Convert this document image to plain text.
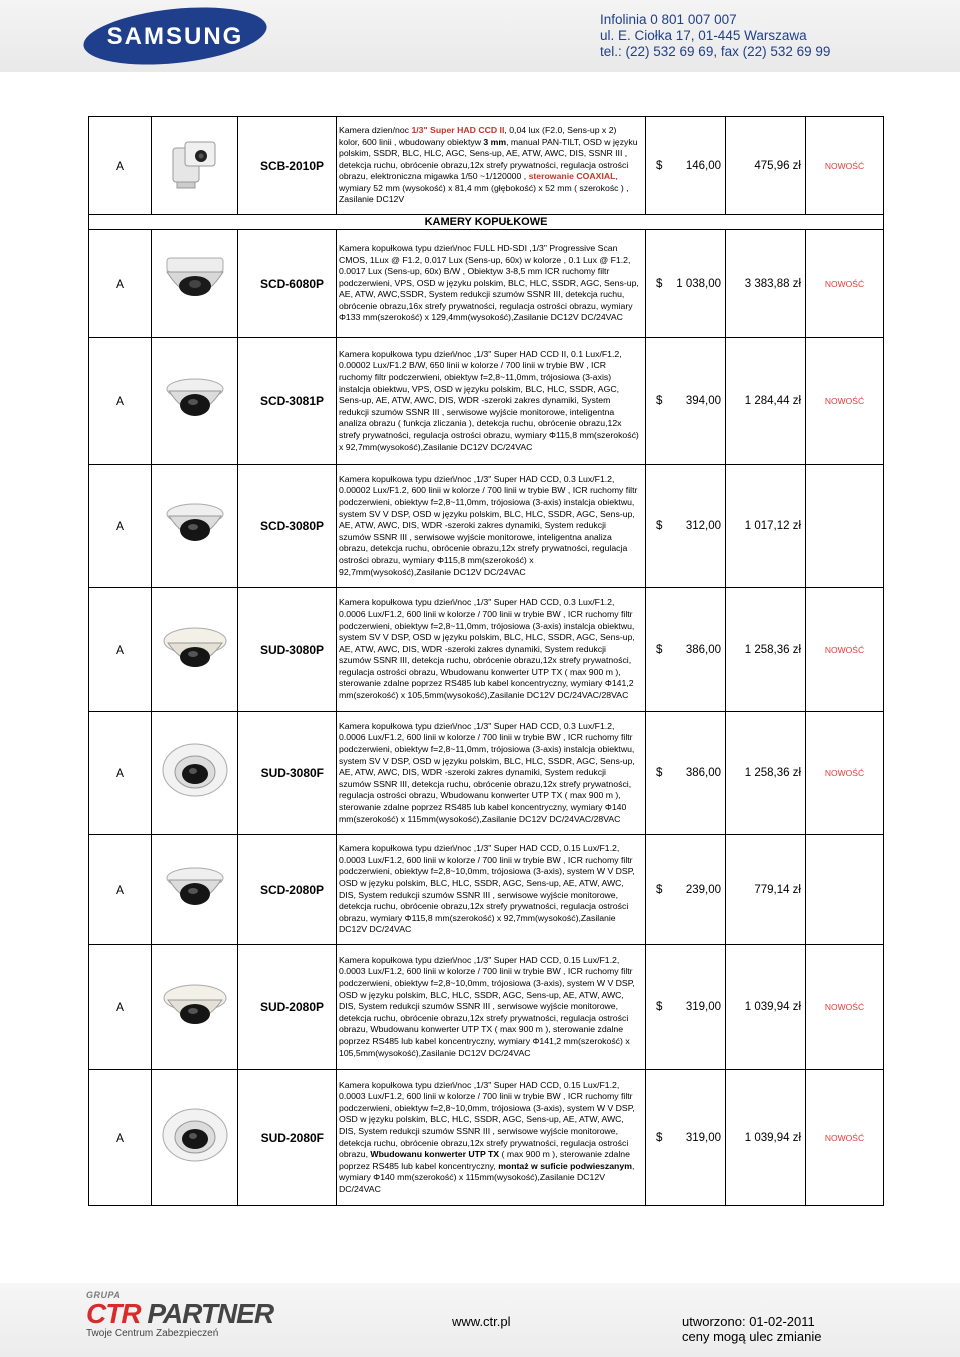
SAMSUNG
Infolinia 0 801 007 007
ul. E. Ciołka 17, 01-445 Warszawa
tel.: (22) 532 69 69, fax (22) 532 69 99
A		SCB-2010P	Kamera dzien/noc 1/3" Super HAD CCD II, 0,04 lux (F2.0, Sens-up x 2) kolor, 600 linii , wbudowany obiektyw 3 mm, manual PAN-TILT, OSD w języku polskim, SSDR, BLC, HLC, AGC, Sens-up, AE, ATW, AWC, DIS, SSNR III , detekcja ruchu, obrócenie obrazu,12x strefy prywatności, regulacja ostrości obrazu, elektroniczna migawka 1/50 ~1/120000 , sterowanie COAXIAL, wymiary 52 mm (wysokość) x 81,4 mm (głębokość) x 52 mm ( szerokośc ) , Zasilanie DC12V	$ 146,00	475,96 zł	NOWOŚĆ
KAMERY KOPUŁKOWE						
A		SCD-6080P	Kamera kopułkowa typu dzień/noc FULL HD-SDI ,1/3" Progressive Scan CMOS, 1Lux @ F1.2, 0.017 Lux (Sens-up, 60x) w kolorze , 0.1 Lux @ F1.2, 0.0017 Lux (Sens-up, 60x) B/W , Obiektyw 3-8,5 mm ICR ruchomy filtr podczerwieni, VPS, OSD w języku polskim, BLC, HLC, SSDR, AGC, Sens-up, AE, ATW, AWC,SSDR, System redukcji szumów SSNR III, detekcja ruchu, obrócenie obrazu,16x strefy prywatności, regulacja ostrości obrazu, wymiary Φ133 mm(szerokość) x 129,4mm(wysokość),Zasilanie DC12V DC/24VAC	$ 1 038,00	3 383,88 zł	NOWOŚĆ
A		SCD-3081P	Kamera kopułkowa typu dzień/noc ,1/3" Super HAD CCD II, 0.1 Lux/F1.2, 0.00002 Lux/F1.2 B/W, 650 linii w kolorze / 700 linii w trybie BW , ICR ruchomy filtr podczerwieni, obiektyw f=2,8~11,0mm, trójosiowa (3-axis) instalcja obiektwu, VPS, OSD w języku polskim, BLC, HLC, SSDR, AGC, Sens-up, AE, ATW, AWC, DIS, WDR -szeroki zakres dynamiki, System redukcji szumów SSNR III , serwisowe wyjście monitorowe, inteligentna analiza obrazu ( funkcja zliczania ), detekcja ruchu, obrócenie obrazu,12x strefy prywatności, regulacja ostrości obrazu, wymiary Φ115,8 mm(szerokość) x 92,7mm(wysokość),Zasilanie DC12V DC/24VAC	$ 394,00	1 284,44 zł	NOWOŚĆ
A		SCD-3080P	Kamera kopułkowa typu dzień/noc ,1/3" Super HAD CCD, 0.3 Lux/F1.2, 0.00002 Lux/F1.2, 600 linii w kolorze / 700 linii w trybie BW , ICR ruchomy filtr podczerwieni, obiektyw f=2,8~11,0mm, trójosiowa (3-axis) instalcja obiektwu, system SV V DSP, OSD w języku polskim, BLC, HLC, SSDR, AGC, Sens-up, AE, ATW, AWC, DIS, WDR -szeroki zakres dynamiki, System redukcji szumów SSNR III , serwisowe wyjście monitorowe, inteligentna analiza obrazu, detekcja ruchu, obrócenie obrazu,12x strefy prywatności, regulacja ostrości obrazu, wymiary Φ115,8 mm(szerokość) x 92,7mm(wysokość),Zasilanie DC12V DC/24VAC	$ 312,00	1 017,12 zł	
A		SUD-3080P	Kamera kopułkowa typu dzień/noc ,1/3" Super HAD CCD, 0.3 Lux/F1.2, 0.0006 Lux/F1.2, 600 linii w kolorze / 700 linii w trybie BW , ICR ruchomy filtr podczerwieni, obiektyw f=2,8~11,0mm, trójosiowa (3-axis) instalcja obiektwu, system SV V DSP, OSD w języku polskim, BLC, HLC, SSDR, AGC, Sens-up, AE, ATW, AWC, DIS, WDR -szeroki zakres dynamiki, System redukcji szumów SSNR III, detekcja ruchu, obrócenie obrazu,12x strefy prywatności, regulacja ostrości obrazu, Wbudowanu konwerter UTP TX ( max 900 m ), sterowanie zdalne poprzez RS485 lub kabel koncentryczny, wymiary Φ141,2 mm(szerokość) x 105,5mm(wysokość),Zasilanie DC12V DC/24VAC/28VAC	$ 386,00	1 258,36 zł	NOWOŚĆ
A		SUD-3080F	Kamera kopułkowa typu dzień/noc ,1/3" Super HAD CCD, 0.3 Lux/F1.2, 0.0006 Lux/F1.2, 600 linii w kolorze / 700 linii w trybie BW , ICR ruchomy filtr podczerwieni, obiektyw f=2,8~11,0mm, trójosiowa (3-axis) instalcja obiektwu, system SV V DSP, OSD w języku polskim, BLC, HLC, SSDR, AGC, Sens-up, AE, ATW, AWC, DIS, WDR -szeroki zakres dynamiki, System redukcji szumów SSNR III, detekcja ruchu, obrócenie obrazu,12x strefy prywatności, regulacja ostrości obrazu, Wbudowanu konwerter UTP TX ( max 900 m ), sterowanie zdalne poprzez RS485 lub kabel koncentryczny, wymiary Φ140 mm(szerokość) x 115mm(wysokość),Zasilanie DC12V DC/24VAC/28VAC	$ 386,00	1 258,36 zł	NOWOŚĆ
A		SCD-2080P	Kamera kopułkowa typu dzień/noc ,1/3" Super HAD CCD, 0.15 Lux/F1.2, 0.0003 Lux/F1.2, 600 linii w kolorze / 700 linii w trybie BW , ICR ruchomy filtr podczerwieni, obiektyw f=2,8~10,0mm, trójosiowa (3-axis), system W V DSP, OSD w języku polskim, BLC, HLC, SSDR, AGC, Sens-up, AE, ATW, AWC, DIS, System redukcji szumów SSNR III , serwisowe wyjście monitorowe, detekcja ruchu, obrócenie obrazu,12x strefy prywatności, regulacja ostrości obrazu, wymiary Φ115,8 mm(szerokość) x 92,7mm(wysokość),Zasilanie DC12V DC/24VAC	$ 239,00	779,14 zł	
A		SUD-2080P	Kamera kopułkowa typu dzień/noc ,1/3" Super HAD CCD, 0.15 Lux/F1.2, 0.0003 Lux/F1.2, 600 linii w kolorze / 700 linii w trybie BW , ICR ruchomy filtr podczerwieni, obiektyw f=2,8~10,0mm, trójosiowa (3-axis), system W V DSP, OSD w języku polskim, BLC, HLC, SSDR, AGC, Sens-up, AE, ATW, AWC, DIS, System redukcji szumów SSNR III , serwisowe wyjście monitorowe, detekcja ruchu, obrócenie obrazu,12x strefy prywatności, regulacja ostrości obrazu, Wbudowanu konwerter UTP TX ( max 900 m ), sterowanie zdalne poprzez RS485 lub kabel koncentryczny, wymiary Φ141,2 mm(szerokość) x 105,5mm(wysokość),Zasilanie DC12V DC/24VAC	$ 319,00	1 039,94 zł	NOWOŚĆ
A		SUD-2080F	Kamera kopułkowa typu dzień/noc ,1/3" Super HAD CCD, 0.15 Lux/F1.2, 0.0003 Lux/F1.2, 600 linii w kolorze / 700 linii w trybie BW , ICR ruchomy filtr podczerwieni, obiektyw f=2,8~10,0mm, trójosiowa (3-axis), system W V DSP, OSD w języku polskim, BLC, HLC, SSDR, AGC, Sens-up, AE, ATW, AWC, DIS, System redukcji szumów SSNR III , serwisowe wyjście monitorowe, detekcja ruchu, obrócenie obrazu,12x strefy prywatności, regulacja ostrości obrazu, Wbudowanu konwerter UTP TX ( max 900 m ), sterowanie zdalne poprzez RS485 lub kabel koncentryczny, montaż w suficie podwieszanym, wymiary Φ140 mm(szerokość) x 115mm(wysokość),Zasilanie DC12V DC/24VAC	$ 319,00	1 039,94 zł	NOWOŚĆ
GRUPA
CTR PARTNER
Twoje Centrum Zabezpieczeń
www.ctr.pl	utworzono: 01-02-2011
ceny mogą ulec zmianie
